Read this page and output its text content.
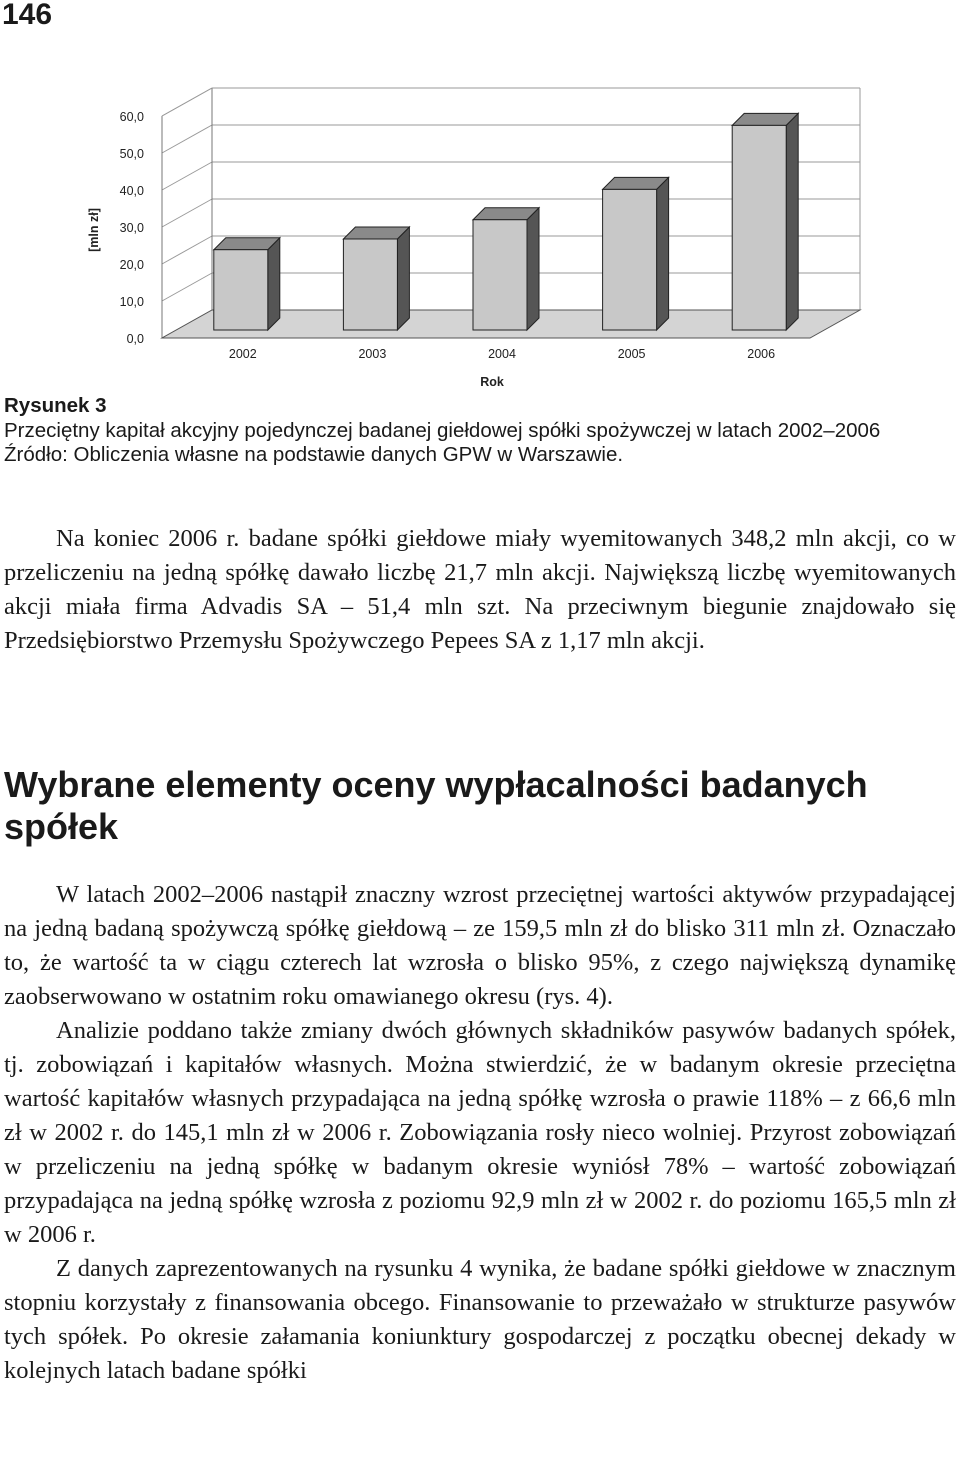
146
0,0
10,0
20,0
30,0
40,0
50,0
60,0
2002	2003	2004	2005	2006
Rok
[mln zł]
Rysunek 3
Przeciętny kapitał akcyjny pojedynczej badanej giełdowej spółki spożywczej w latach 2002–2006
Źródło: Obliczenia własne na podstawie danych GPW w Warszawie.
Na koniec 2006 r. badane spółki giełdowe miały wyemitowanych 348,2 mln akcji, co w przeliczeniu na jedną spółkę dawało liczbę 21,7 mln akcji. Największą liczbę wyemitowanych akcji miała firma Advadis SA – 51,4 mln szt. Na przeciwnym biegunie znajdowało się Przedsiębiorstwo Przemysłu Spożywczego Pepees SA z 1,17 mln akcji.
Wybrane elementy oceny wypłacalności badanych spółek

W latach 2002–2006 nastąpił znaczny wzrost przeciętnej wartości aktywów przypadającej na jedną badaną spożywczą spółkę giełdową – ze 159,5 mln zł do blisko 311 mln zł. Oznaczało to, że wartość ta w ciągu czterech lat wzrosła o blisko 95%, z czego największą dynamikę zaobserwowano w ostatnim roku omawianego okresu (rys. 4).

Analizie poddano także zmiany dwóch głównych składników pasywów badanych spółek, tj. zobowiązań i kapitałów własnych. Można stwierdzić, że w badanym okresie przeciętna wartość kapitałów własnych przypadająca na jedną spółkę wzrosła o prawie 118% – z 66,6 mln zł w 2002 r. do 145,1 mln zł w 2006 r. Zobowiązania rosły nieco wolniej. Przyrost zobowiązań w przeliczeniu na jedną spółkę w badanym okresie wyniósł 78% – wartość zobowiązań przypadająca na jedną spółkę wzrosła z poziomu 92,9 mln zł w 2002 r. do poziomu 165,5 mln zł w 2006 r.

Z danych zaprezentowanych na rysunku 4 wynika, że badane spółki giełdowe w znacznym stopniu korzystały z finansowania obcego. Finansowanie to przeważało w strukturze pasywów tych spółek. Po okresie załamania koniunktury gospodarczej z początku obecnej dekady w kolejnych latach badane spółki
